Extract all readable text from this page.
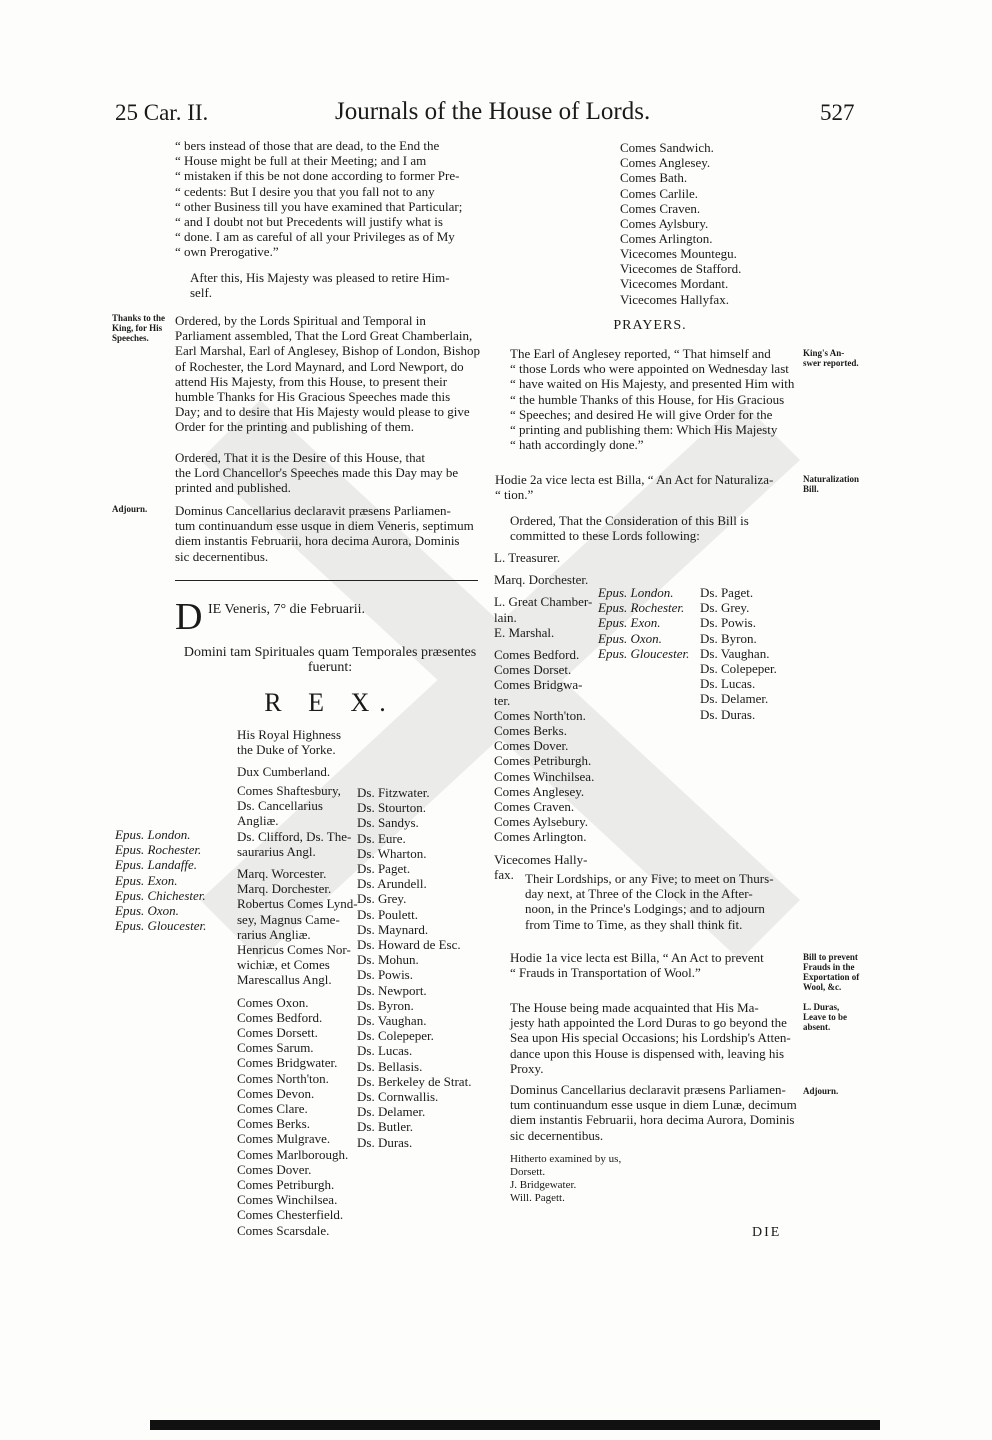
25 Car. II.	Journals of the House of Lords.	527
“ bers instead of those that are dead, to the End the
“ House might be full at their Meeting; and I am
“ mistaken if this be not done according to former Pre-
“ cedents: But I desire you that you fall not to any
“ other Business till you have examined that Particular;
“ and I doubt not but Precedents will justify what is
“ done. I am as careful of all your Privileges as of My
“ own Prerogative.”
After this, His Majesty was pleased to retire Him-
self.
Thanks to the
King, for His
Speeches.
Ordered, by the Lords Spiritual and Temporal in
Parliament assembled, That the Lord Great Chamberlain,
Earl Marshal, Earl of Anglesey, Bishop of London, Bishop
of Rochester, the Lord Maynard, and Lord Newport, do
attend His Majesty, from this House, to present their
humble Thanks for His Gracious Speeches made this
Day; and to desire that His Majesty would please to give
Order for the printing and publishing of them.
Ordered, That it is the Desire of this House, that
the Lord Chancellor's Speeches made this Day may be
printed and published.
Adjourn. Dominus Cancellarius declaravit præsens Parliamen-
tum continuandum esse usque in diem Veneris, septimum
diem instantis Februarii, hora decima Aurora, Dominis
sic decernentibus.
D IE Veneris, 7° die Februarii.
Domini tam Spirituales quam Temporales præsentes
fuerunt:
R E X.
His Royal Highness
the Duke of Yorke.
Dux Cumberland.
Epus. London.
Epus. Rochester.
Epus. Landaffe.
Epus. Exon.
Epus. Chichester.
Epus. Oxon.
Epus. Gloucester.
Comes Shaftesbury,
Ds. Cancellarius
Angliæ.
Ds. Clifford, Ds. The-
saurarius Angl.
Marq. Worcester.
Marq. Dorchester.
Robertus Comes Lynd-
sey, Magnus Came-
rarius Angliæ.
Henricus Comes Nor-
wichiæ, et Comes
Marescallus Angl.
Comes Oxon.
Comes Bedford.
Comes Dorsett.
Comes Sarum.
Comes Bridgwater.
Comes North'ton.
Comes Devon.
Comes Clare.
Comes Berks.
Comes Mulgrave.
Comes Marlborough.
Comes Dover.
Comes Petriburgh.
Comes Winchilsea.
Comes Chesterfield.
Comes Scarsdale.
Ds. Fitzwater.
Ds. Stourton.
Ds. Sandys.
Ds. Eure.
Ds. Wharton.
Ds. Paget.
Ds. Arundell.
Ds. Grey.
Ds. Poulett.
Ds. Maynard.
Ds. Howard de Esc.
Ds. Mohun.
Ds. Powis.
Ds. Newport.
Ds. Byron.
Ds. Vaughan.
Ds. Colepeper.
Ds. Lucas.
Ds. Bellasis.
Ds. Berkeley de Strat.
Ds. Cornwallis.
Ds. Delamer.
Ds. Butler.
Ds. Duras.
Comes Sandwich.
Comes Anglesey.
Comes Bath.
Comes Carlile.
Comes Craven.
Comes Aylsbury.
Comes Arlington.
Vicecomes Mountegu.
Vicecomes de Stafford.
Vicecomes Mordant.
Vicecomes Hallyfax.
PRAYERS.
The Earl of Anglesey reported, “ That himself and
“ those Lords who were appointed on Wednesday last
“ have waited on His Majesty, and presented Him with
“ the humble Thanks of this House, for His Gracious
“ Speeches; and desired He will give Order for the
“ printing and publishing them: Which His Majesty
“ hath accordingly done.”
King's An-
swer reported.
Hodie 2a vice lecta est Billa, “ An Act for Naturaliza-
“ tion.”
Naturalization
Bill.
Ordered, That the Consideration of this Bill is
committed to these Lords following:
L. Treasurer.
Marq. Dorchester.
L. Great Chamber-
lain.
E. Marshal.
Comes Bedford.
Comes Dorset.
Comes Bridgwa-
ter.
Comes North'ton.
Comes Berks.
Comes Dover.
Comes Petriburgh.
Comes Winchilsea.
Comes Anglesey.
Comes Craven.
Comes Aylsebury.
Comes Arlington.
Vicecomes Hally-
fax.
Epus. London.
Epus. Rochester.
Epus. Exon.
Epus. Oxon.
Epus. Gloucester.
Ds. Paget.
Ds. Grey.
Ds. Powis.
Ds. Byron.
Ds. Vaughan.
Ds. Colepeper.
Ds. Lucas.
Ds. Delamer.
Ds. Duras.
Their Lordships, or any Five; to meet on Thurs-
day next, at Three of the Clock in the After-
noon, in the Prince's Lodgings; and to adjourn
from Time to Time, as they shall think fit.
Hodie 1a vice lecta est Billa, “ An Act to prevent
“ Frauds in Transportation of Wool.”
Bill to prevent
Frauds in the
Exportation of
Wool, &c.
The House being made acquainted that His Ma-
jesty hath appointed the Lord Duras to go beyond the
Sea upon His special Occasions; his Lordship's Atten-
dance upon this House is dispensed with, leaving his
Proxy.
L. Duras,
Leave to be
absent.
Dominus Cancellarius declaravit præsens Parliamen-
tum continuandum esse usque in diem Lunæ, decimum
diem instantis Februarii, hora decima Aurora, Dominis
sic decernentibus.
Adjourn.
Hitherto examined by us,
Dorsett.
J. Bridgewater.
Will. Pagett.
DIE
